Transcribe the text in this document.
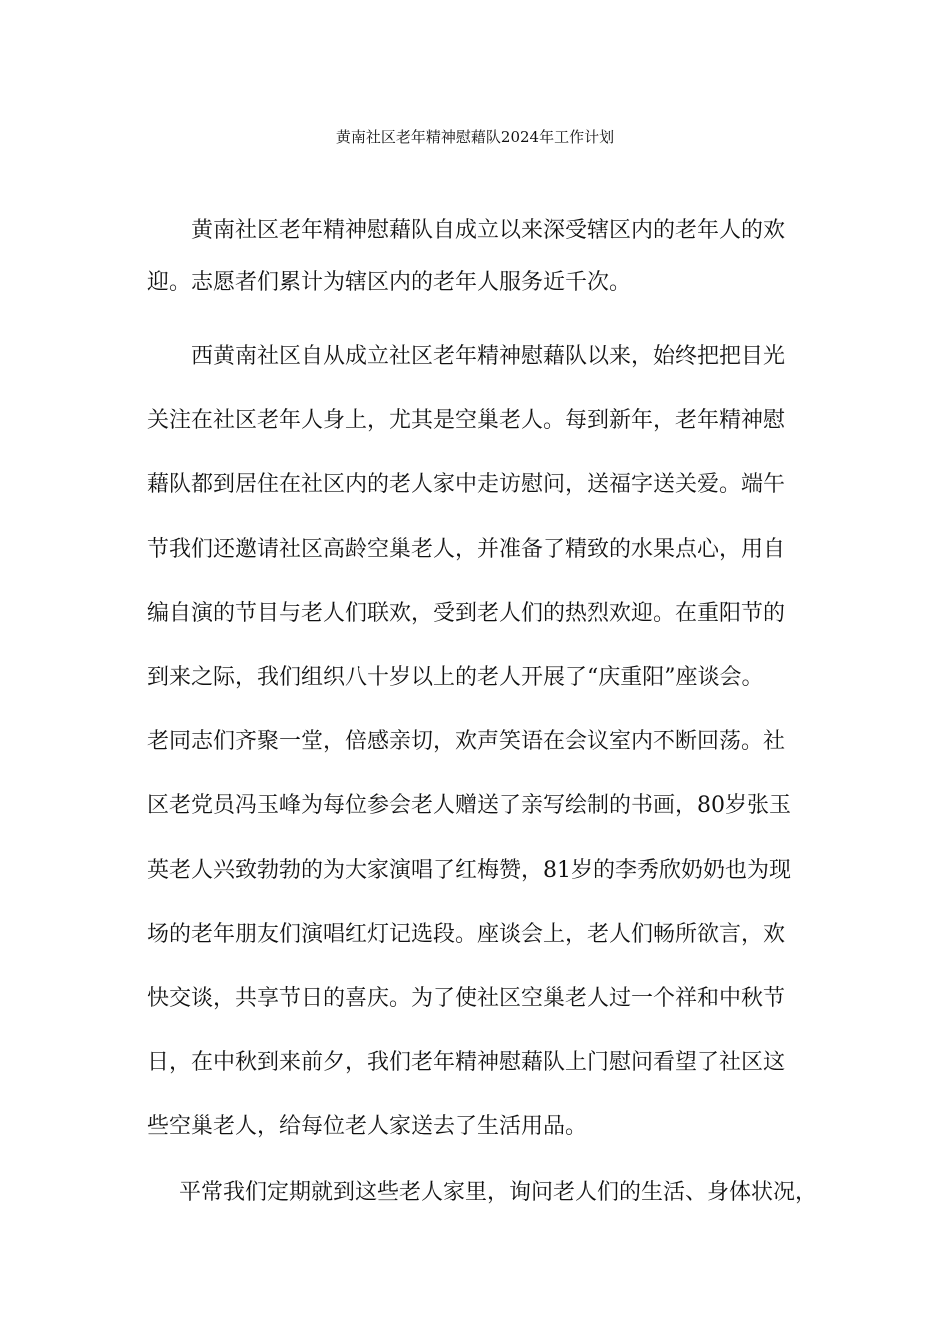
黄南社区老年精神慰藉队2024年工作计划

黄南社区老年精神慰藉队自成立以来深受辖区内的老年人的欢
迎。志愿者们累计为辖区内的老年人服务近千次。

西黄南社区自从成立社区老年精神慰藉队以来，始终把把目光
关注在社区老年人身上，尤其是空巢老人。每到新年，老年精神慰
藉队都到居住在社区内的老人家中走访慰问，送福字送关爱。端午
节我们还邀请社区高龄空巢老人，并准备了精致的水果点心，用自
编自演的节目与老人们联欢，受到老人们的热烈欢迎。在重阳节的
到来之际，我们组织八十岁以上的老人开展了“庆重阳”座谈会。
老同志们齐聚一堂，倍感亲切，欢声笑语在会议室内不断回荡。社
区老党员冯玉峰为每位参会老人赠送了亲写绘制的书画，80岁张玉
英老人兴致勃勃的为大家演唱了红梅赞，81岁的李秀欣奶奶也为现
场的老年朋友们演唱红灯记选段。座谈会上，老人们畅所欲言，欢
快交谈，共享节日的喜庆。为了使社区空巢老人过一个祥和中秋节
日，在中秋到来前夕，我们老年精神慰藉队上门慰问看望了社区这
些空巢老人，给每位老人家送去了生活用品。

平常我们定期就到这些老人家里，询问老人们的生活、身体状况，
